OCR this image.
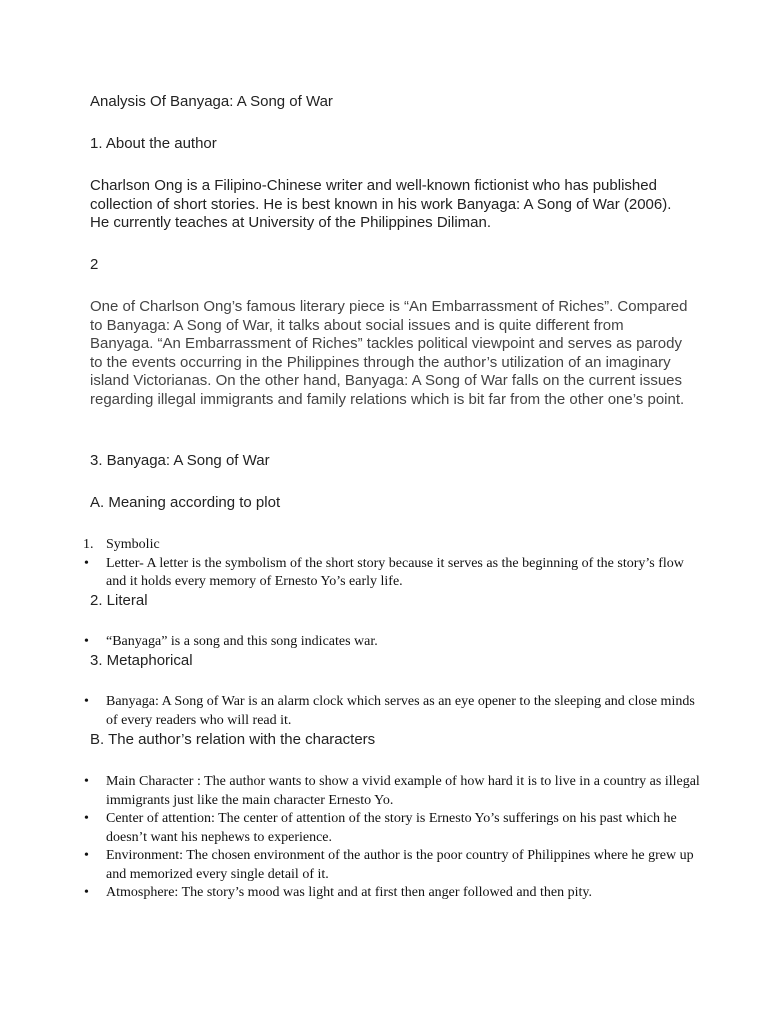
Analysis Of Banyaga: A Song of War

1. About the author

Charlson Ong is a Filipino-Chinese writer and well-known fictionist who has published collection of short stories. He is best known in his work Banyaga: A Song of War (2006). He currently teaches at University of the Philippines Diliman.

2

One of Charlson Ong’s famous literary piece is “An Embarrassment of Riches”. Compared to Banyaga: A Song of War, it talks about social issues and is quite different from Banyaga. “An Embarrassment of Riches” tackles political viewpoint and serves as parody to the events occurring in the Philippines through the author’s utilization of an imaginary island Victorianas. On the other hand, Banyaga: A Song of War falls on the current issues regarding illegal immigrants and family relations which is bit far from the other one’s point.

3. Banyaga: A Song of War

A. Meaning according to plot

1. Symbolic
• Letter- A letter is the symbolism of the short story because it serves as the beginning of the story’s flow and it holds every memory of Ernesto Yo’s early life.

2. Literal

• “Banyaga” is a song and this song indicates war.

3. Metaphorical

• Banyaga: A Song of War is an alarm clock which serves as an eye opener to the sleeping and close minds of every readers who will read it.

B. The author’s relation with the characters

• Main Character : The author wants to show a vivid example of how hard it is to live in a country as illegal immigrants just like the main character Ernesto Yo.
• Center of attention: The center of attention of the story is Ernesto Yo’s sufferings on his past which he doesn’t want his nephews to experience.
• Environment: The chosen environment of the author is the poor country of Philippines where he grew up and memorized every single detail of it.
• Atmosphere: The story’s mood was light and at first then anger followed and then pity.
